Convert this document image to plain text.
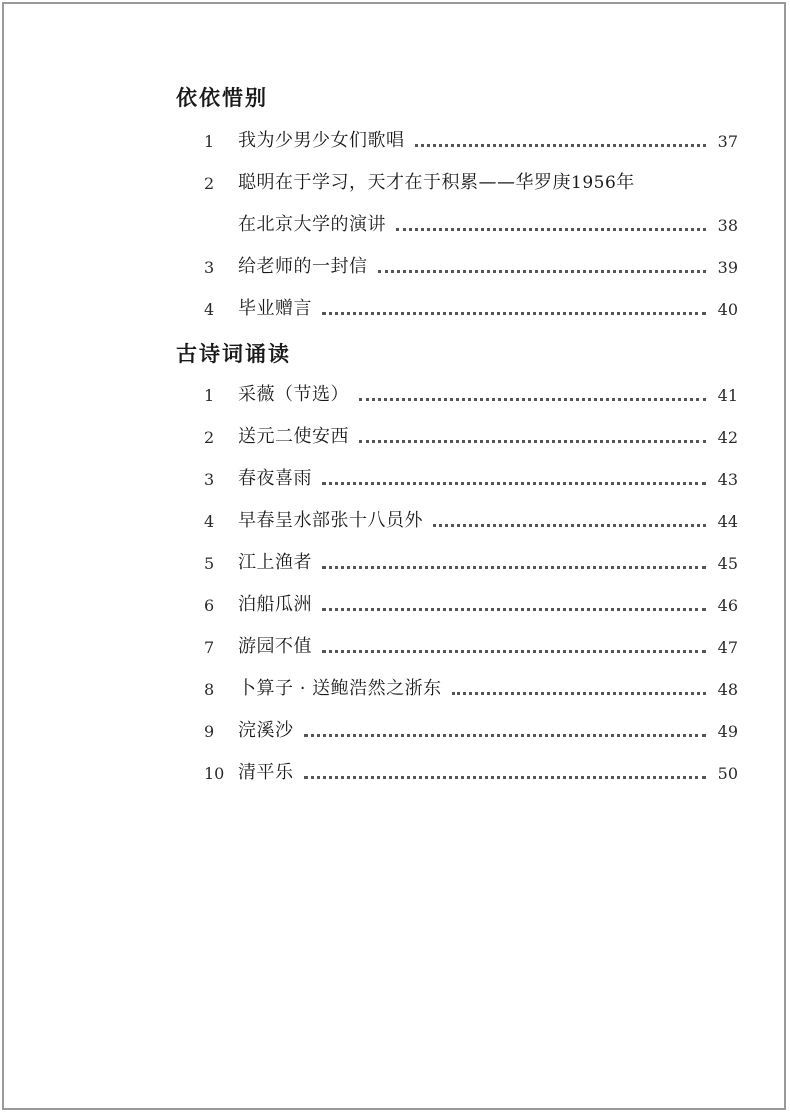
依依惜别
1	我为少男少女们歌唱	37
2	聪明在于学习，天才在于积累——华罗庚1956年
在北京大学的演讲	38
3	给老师的一封信	39
4	毕业赠言	40
古诗词诵读
1	采薇（节选）	41
2	送元二使安西	42
3	春夜喜雨	43
4	早春呈水部张十八员外	44
5	江上渔者	45
6	泊船瓜洲	46
7	游园不值	47
8	卜算子 · 送鲍浩然之浙东	48
9	浣溪沙	49
10 清平乐	50
